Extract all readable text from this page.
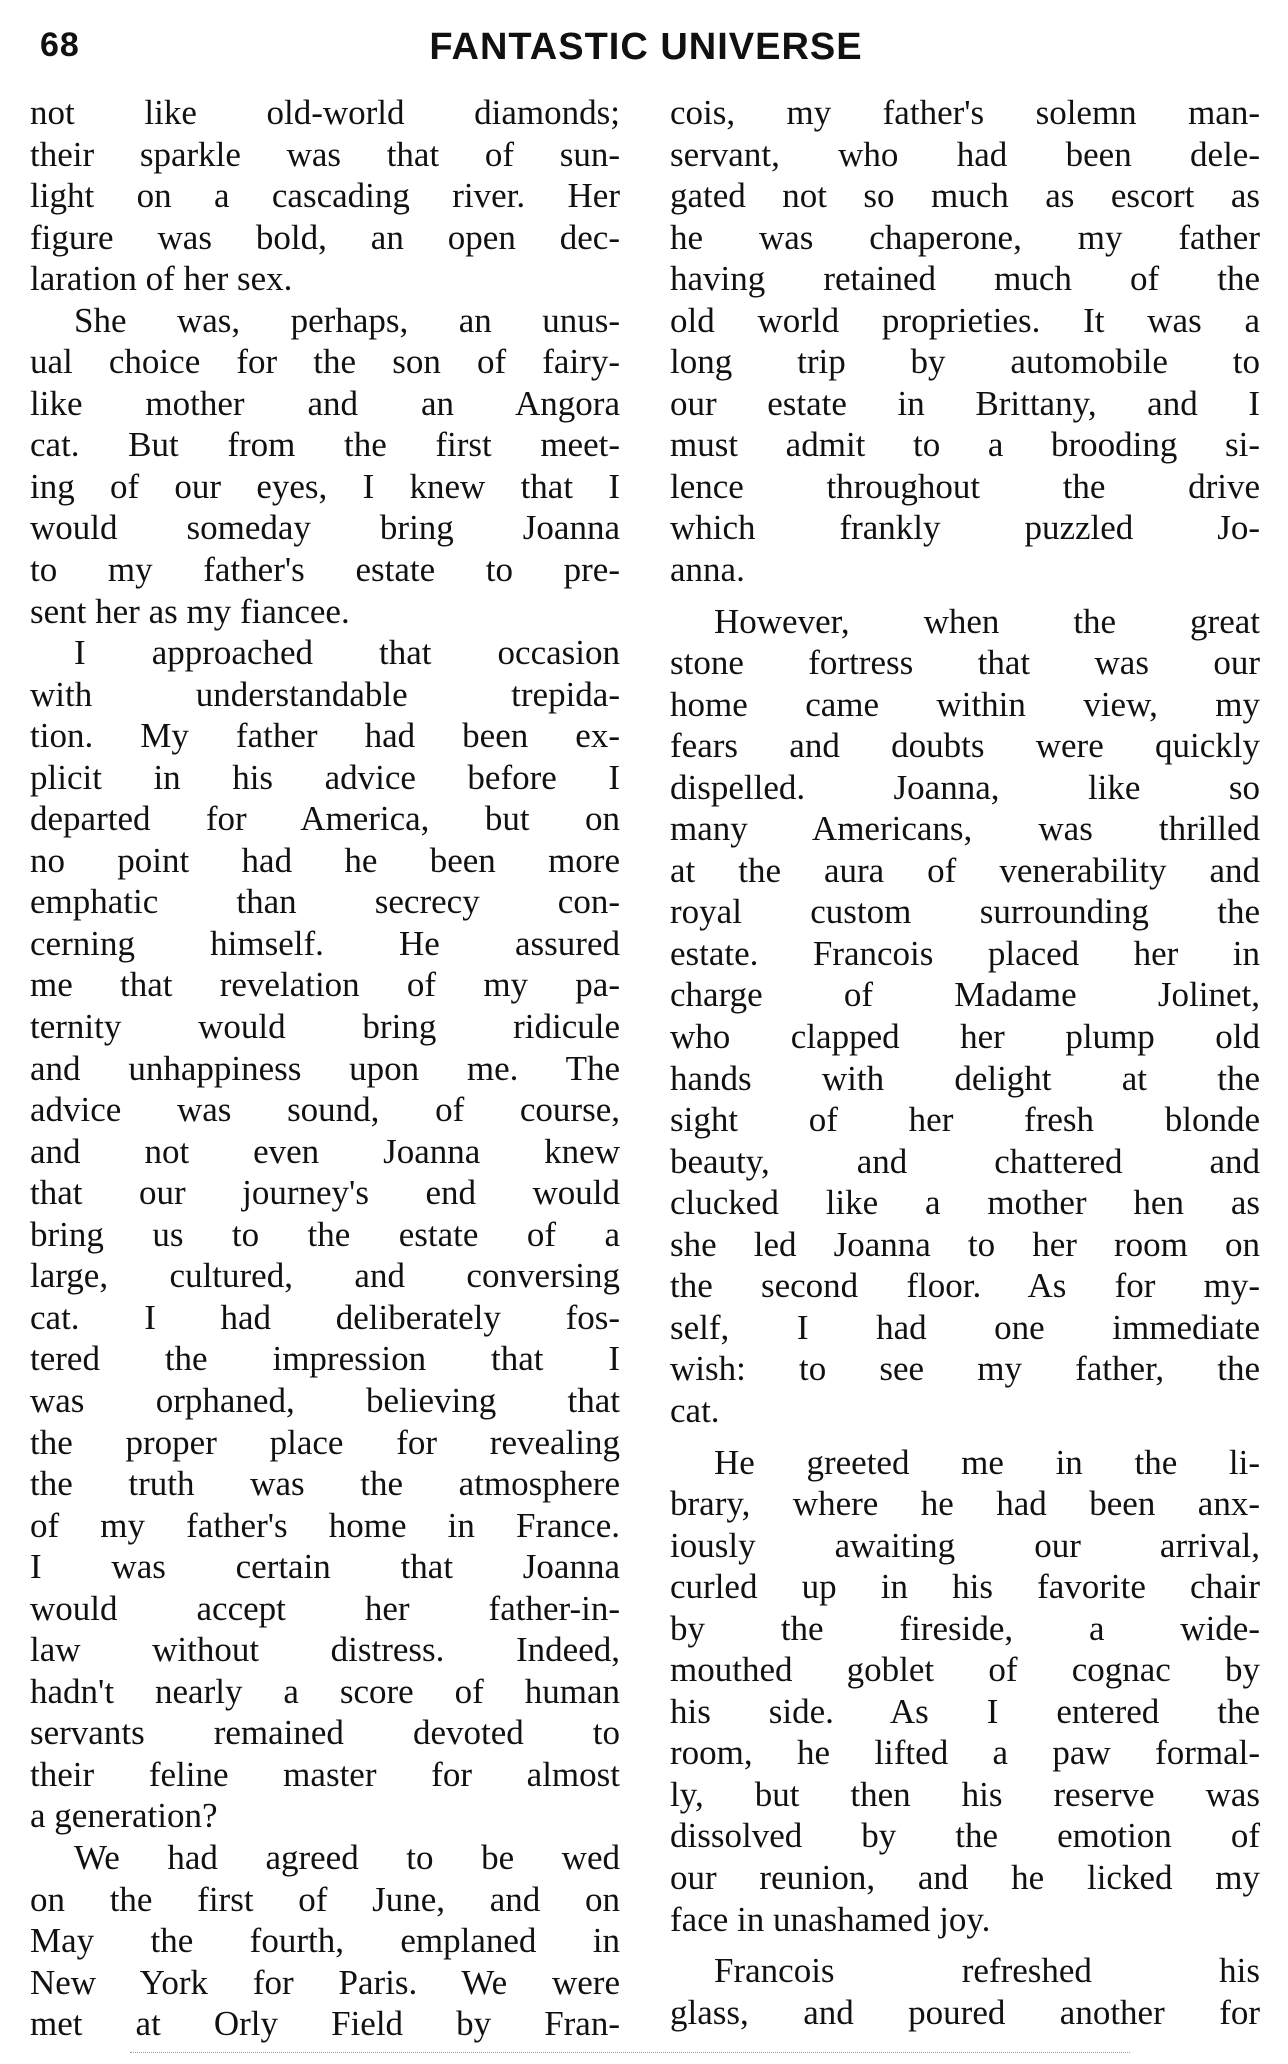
68	FANTASTIC UNIVERSE
not like old-world diamonds;
their sparkle was that of sun-
light on a cascading river. Her
figure was bold, an open dec-
laration of her sex.
She was, perhaps, an unus-
ual choice for the son of fairy-
like mother and an Angora
cat. But from the first meet-
ing of our eyes, I knew that I
would someday bring Joanna
to my father's estate to pre-
sent her as my fiancee.
I approached that occasion
with understandable trepida-
tion. My father had been ex-
plicit in his advice before I
departed for America, but on
no point had he been more
emphatic than secrecy con-
cerning himself. He assured
me that revelation of my pa-
ternity would bring ridicule
and unhappiness upon me. The
advice was sound, of course,
and not even Joanna knew
that our journey's end would
bring us to the estate of a
large, cultured, and conversing
cat. I had deliberately fos-
tered the impression that I
was orphaned, believing that
the proper place for revealing
the truth was the atmosphere
of my father's home in France.
I was certain that Joanna
would accept her father-in-
law without distress. Indeed,
hadn't nearly a score of human
servants remained devoted to
their feline master for almost
a generation?
We had agreed to be wed
on the first of June, and on
May the fourth, emplaned in
New York for Paris. We were
met at Orly Field by Fran-
cois, my father's solemn man-
servant, who had been dele-
gated not so much as escort as
he was chaperone, my father
having retained much of the
old world proprieties. It was a
long trip by automobile to
our estate in Brittany, and I
must admit to a brooding si-
lence throughout the drive
which frankly puzzled Jo-
anna.
However, when the great
stone fortress that was our
home came within view, my
fears and doubts were quickly
dispelled. Joanna, like so
many Americans, was thrilled
at the aura of venerability and
royal custom surrounding the
estate. Francois placed her in
charge of Madame Jolinet,
who clapped her plump old
hands with delight at the
sight of her fresh blonde
beauty, and chattered and
clucked like a mother hen as
she led Joanna to her room on
the second floor. As for my-
self, I had one immediate
wish: to see my father, the
cat.
He greeted me in the li-
brary, where he had been anx-
iously awaiting our arrival,
curled up in his favorite chair
by the fireside, a wide-
mouthed goblet of cognac by
his side. As I entered the
room, he lifted a paw formal-
ly, but then his reserve was
dissolved by the emotion of
our reunion, and he licked my
face in unashamed joy.
Francois refreshed his
glass, and poured another for
